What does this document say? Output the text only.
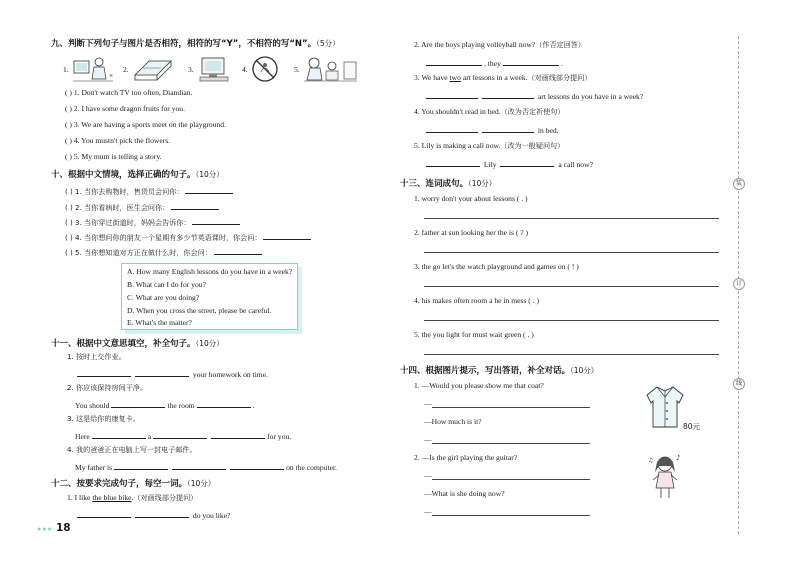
九、判断下列句子与图片是否相符，相符的写“Y”，不相符的写“N”。（5分）
1.
×
2.	3.	4.	5.
( ) 1. Don't watch TV too often, Diandian.
( ) 2. I have some dragon fruits for you.
( ) 3. We are having a sports meet on the playground.
( ) 4. You mustn't pick the flowers.
( ) 5. My mum is telling a story.
十、根据中文情境，选择正确的句子。（10分）
( ) 1. 当你去购物时，售货员会问你：
( ) 2. 当你看病时，医生会问你：
( ) 3. 当你穿过街道时，妈妈会告诉你：
( ) 4. 当你想问你的朋友一个星期有多少节英语课时，你会问：
( ) 5. 当你想知道对方正在做什么时，你会问：
A. How many English lessons do you have in a week?
B. What can I do for you?
C. What are you doing?
D. When you cross the street, please be careful.
E. What's the matter?
十一、根据中文意思填空，补全句子。（10分）
1. 按时上交作业。
your homework on time.
2. 你应该保持房间干净。
You should	the room	.
3. 这是给你的康复卡。
Here	a	for you.
4. 我的爸爸正在电脑上写一封电子邮件。
My father is	on the computer.
十二、按要求完成句子，每空一词。（10分）
1. I like the blue bike.（对画线部分提问）
do you like?
●●● 18
2. Are the boys playing volleyball now?（作否定回答）
, they	.
3. We have two art lessons in a week.（对画线部分提问）
art lessons do you have in a week?
4. You shouldn't read in bed.（改为否定祈使句）
in bed.
5. Lily is making a call now.（改为一般疑问句）
Lily	a call now?
十三、连词成句。（10分）
1. worry don't your about lessons ( . )
2. father at sun looking her the is ( ? )
3. the go let's the watch playground and games on ( ! )
4. his makes often room a he in mess ( . )
5. the you light for must wait green ( . )
十四、根据图片提示，写出答语，补全对话。（10分）
1. —Would you please show me that coat?
—
—How much is it?
—
80元
2. —Is the girl playing the guitar?
—
—What is she doing now?
—
♪
♫
装
订
线
